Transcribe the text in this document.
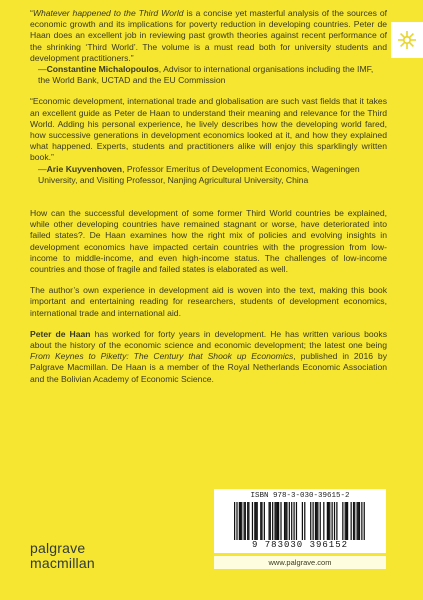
“Whatever happened to the Third World is a concise yet masterful analysis of the sources of economic growth and its implications for poverty reduction in developing countries. Peter de Haan does an excellent job in reviewing past growth theories against recent performance of the shrinking ‘Third World’. The volume is a must read both for university students and development practitioners.”

—Constantine Michalopoulos, Advisor to international organisations including the IMF, the World Bank, UCTAD and the EU Commission

“Economic development, international trade and globalisation are such vast fields that it takes an excellent guide as Peter de Haan to understand their meaning and relevance for the Third World. Adding his personal experience, he lively describes how the developing world fared, how successive generations in development economics looked at it, and how they explained what happened. Experts, students and practitioners alike will enjoy this sparklingly written book.”

—Arie Kuyvenhoven, Professor Emeritus of Development Economics, Wageningen University, and Visiting Professor, Nanjing Agricultural University, China

How can the successful development of some former Third World countries be explained, while other developing countries have remained stagnant or worse, have deteriorated into failed states?. De Haan examines how the right mix of policies and evolving insights in development economics have impacted certain countries with the progression from low-income to middle-income, and even high-income status. The challenges of low-income countries and those of fragile and failed states is elaborated as well.

The author’s own experience in development aid is woven into the text, making this book important and entertaining reading for researchers, students of development economics, international trade and international aid.

Peter de Haan has worked for forty years in development. He has written various books about the history of the economic science and economic development; the latest one being From Keynes to Piketty: The Century that Shook up Economics, published in 2016 by Palgrave Macmillan. De Haan is a member of the Royal Netherlands Economic Association and the Bolivian Academy of Economic Science.

ISBN 978-3-030-39615-2
9 783030 396152
www.palgrave.com
palgrave
macmillan
